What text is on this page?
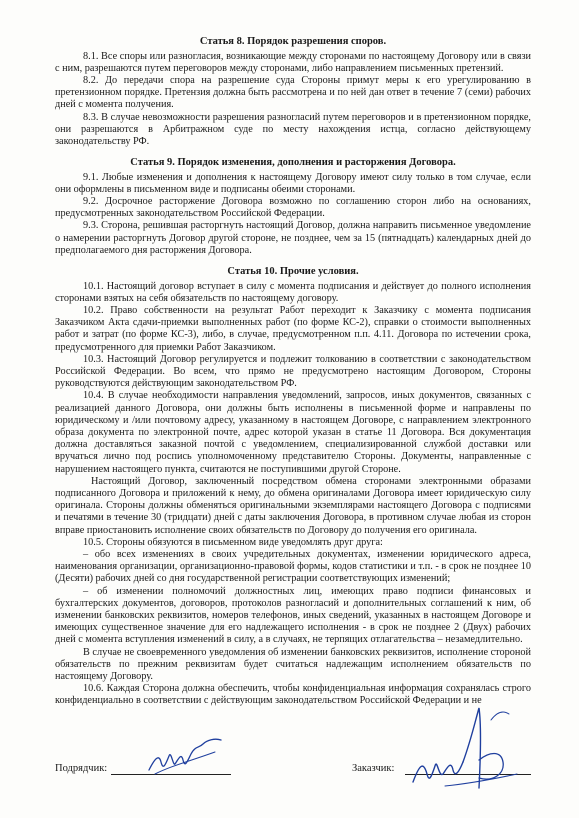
Статья 8. Порядок разрешения споров.

8.1. Все споры или разногласия, возникающие между сторонами по настоящему Договору или в связи с ним, разрешаются путем переговоров между сторонами, либо направлением письменных претензий.

8.2. До передачи спора на разрешение суда Стороны примут меры к его урегулированию в претензионном порядке. Претензия должна быть рассмотрена и по ней дан ответ в течение 7 (семи) рабочих дней с момента получения.

8.3. В случае невозможности разрешения разногласий путем переговоров и в претензионном порядке, они разрешаются в Арбитражном суде по месту нахождения истца, согласно действующему законодательству РФ.

Статья 9. Порядок изменения, дополнения и расторжения Договора.

9.1. Любые изменения и дополнения к настоящему Договору имеют силу только в том случае, если они оформлены в письменном виде и подписаны обеими сторонами.

9.2. Досрочное расторжение Договора возможно по соглашению сторон либо на основаниях, предусмотренных законодательством Российской Федерации.

9.3. Сторона, решившая расторгнуть настоящий Договор, должна направить письменное уведомление о намерении расторгнуть Договор другой стороне, не позднее, чем за 15 (пятнадцать) календарных дней до предполагаемого дня расторжения Договора.

Статья 10. Прочие условия.

10.1. Настоящий договор вступает в силу с момента подписания и действует до полного исполнения сторонами взятых на себя обязательств по настоящему договору.

10.2. Право собственности на результат Работ переходит к Заказчику с момента подписания Заказчиком Акта сдачи-приемки выполненных работ (по форме КС-2), справки о стоимости выполненных работ и затрат (по форме КС-3), либо, в случае, предусмотренном п.п. 4.11. Договора по истечении срока, предусмотренного для приемки Работ Заказчиком.

10.3. Настоящий Договор регулируется и подлежит толкованию в соответствии с законодательством Российской Федерации. Во всем, что прямо не предусмотрено настоящим Договором, Стороны руководствуются действующим законодательством РФ.

10.4. В случае необходимости направления уведомлений, запросов, иных документов, связанных с реализацией данного Договора, они должны быть исполнены в письменной форме и направлены по юридическому и /или почтовому адресу, указанному в настоящем Договоре, с направлением электронного образа документа по электронной почте, адрес которой указан в статье 11 Договора. Вся документация должна доставляться заказной почтой с уведомлением, специализированной службой доставки или вручаться лично под роспись уполномоченному представителю Стороны. Документы, направленные с нарушением настоящего пункта, считаются не поступившими другой Стороне.

Настоящий Договор, заключенный посредством обмена сторонами электронными образами подписанного Договора и приложений к нему, до обмена оригиналами Договора имеет юридическую силу оригинала. Стороны должны обменяться оригинальными экземплярами настоящего Договора с подписями и печатями в течение 30 (тридцати) дней с даты заключения Договора, в противном случае любая из сторон вправе приостановить исполнение своих обязательств по Договору до получения его оригинала.

10.5. Стороны обязуются в письменном виде уведомлять друг друга:

– обо всех изменениях в своих учредительных документах, изменении юридического адреса, наименования организации, организационно-правовой формы, кодов статистики и т.п. - в срок не позднее 10 (Десяти) рабочих дней со дня государственной регистрации соответствующих изменений;

– об изменении полномочий должностных лиц, имеющих право подписи финансовых и бухгалтерских документов, договоров, протоколов разногласий и дополнительных соглашений к ним, об изменении банковских реквизитов, номеров телефонов, иных сведений, указанных в настоящем Договоре и имеющих существенное значение для его надлежащего исполнения - в срок не позднее 2 (Двух) рабочих дней с момента вступления изменений в силу, а в случаях, не терпящих отлагательства – незамедлительно.

В случае не своевременного уведомления об изменении банковских реквизитов, исполнение стороной обязательств по прежним реквизитам будет считаться надлежащим исполнением обязательств по настоящему Договору.

10.6. Каждая Сторона должна обеспечить, чтобы конфиденциальная информация сохранялась строго конфиденциально в соответствии с действующим законодательством Российской Федерации и не

Подрядчик:	Заказчик:
